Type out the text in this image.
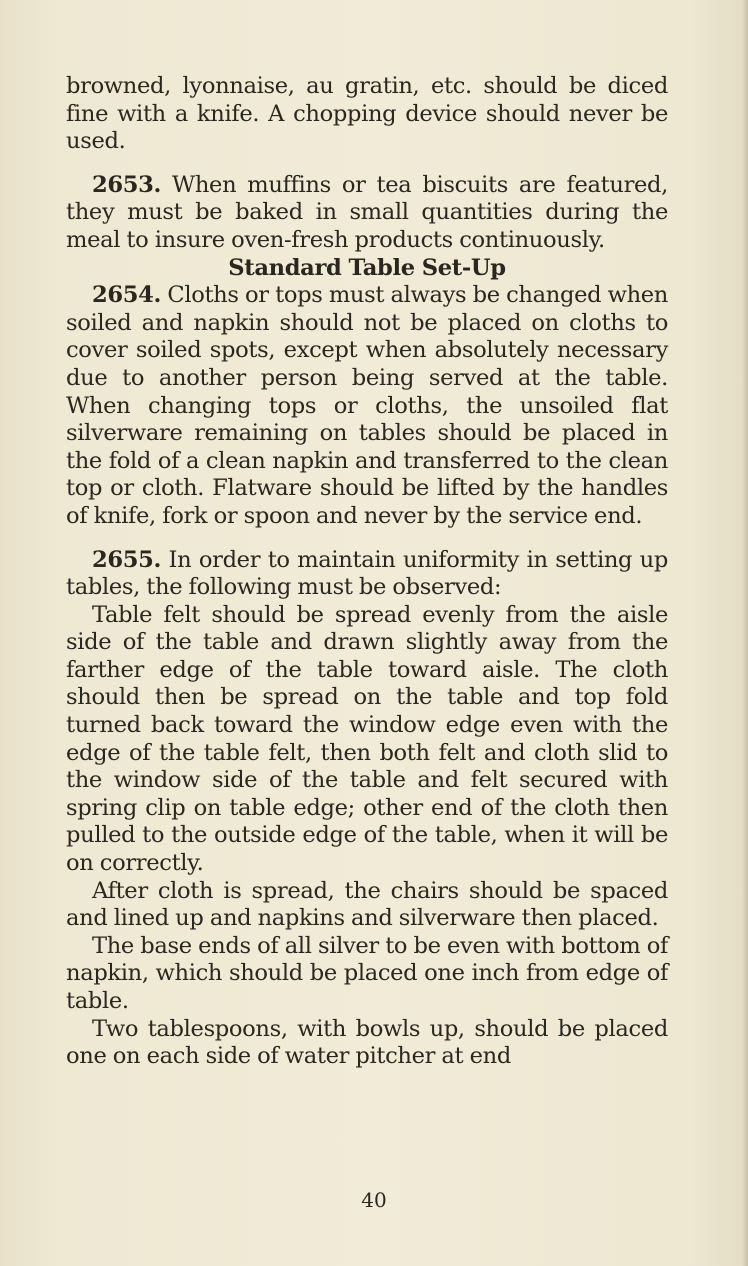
browned, lyonnaise, au gratin, etc. should be diced fine with a knife. A chopping device should never be used.

2653. When muffins or tea biscuits are featured, they must be baked in small quantities during the meal to insure oven-fresh products continuously.

Standard Table Set-Up

2654. Cloths or tops must always be changed when soiled and napkin should not be placed on cloths to cover soiled spots, except when absolutely necessary due to another person being served at the table. When changing tops or cloths, the unsoiled flat silverware remaining on tables should be placed in the fold of a clean napkin and transferred to the clean top or cloth. Flatware should be lifted by the handles of knife, fork or spoon and never by the service end.

2655. In order to maintain uniformity in setting up tables, the following must be observed:

Table felt should be spread evenly from the aisle side of the table and drawn slightly away from the farther edge of the table toward aisle. The cloth should then be spread on the table and top fold turned back toward the window edge even with the edge of the table felt, then both felt and cloth slid to the window side of the table and felt secured with spring clip on table edge; other end of the cloth then pulled to the outside edge of the table, when it will be on correctly.

After cloth is spread, the chairs should be spaced and lined up and napkins and silverware then placed.

The base ends of all silver to be even with bottom of napkin, which should be placed one inch from edge of table.

Two tablespoons, with bowls up, should be placed one on each side of water pitcher at end

40
